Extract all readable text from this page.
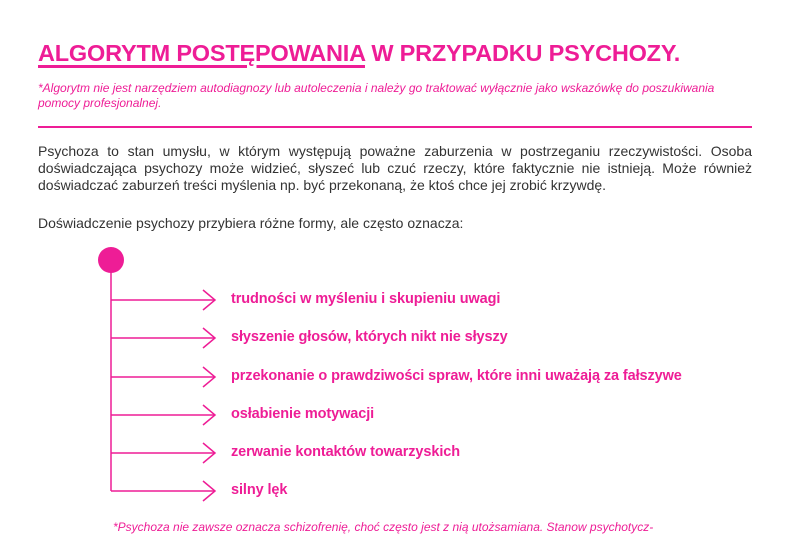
ALGORYTM POSTĘPOWANIA W PRZYPADKU PSYCHOZY.
*Algorytm nie jest narzędziem autodiagnozy lub autoleczenia i należy go traktować wyłącznie jako wskazówkę do poszukiwania pomocy profesjonalnej.

Psychoza to stan umysłu, w którym występują poważne zaburzenia w postrzeganiu rzeczywistości. Osoba doświadczająca psychozy może widzieć, słyszeć lub czuć rzeczy, które faktycznie nie istnieją. Może również doświadczać zaburzeń treści myślenia np. być przekonaną, że ktoś chce jej zrobić krzywdę.

Doświadczenie psychozy przybiera różne formy, ale często oznacza:

trudności w myśleniu i skupieniu uwagi
słyszenie głosów, których nikt nie słyszy
przekonanie o prawdziwości spraw, które inni uważają za fałszywe
osłabienie motywacji
zerwanie kontaktów towarzyskich
silny lęk
*Psychoza nie zawsze oznacza schizofrenię, choć często jest z nią utożsamiana. Stanow psychotycz-
